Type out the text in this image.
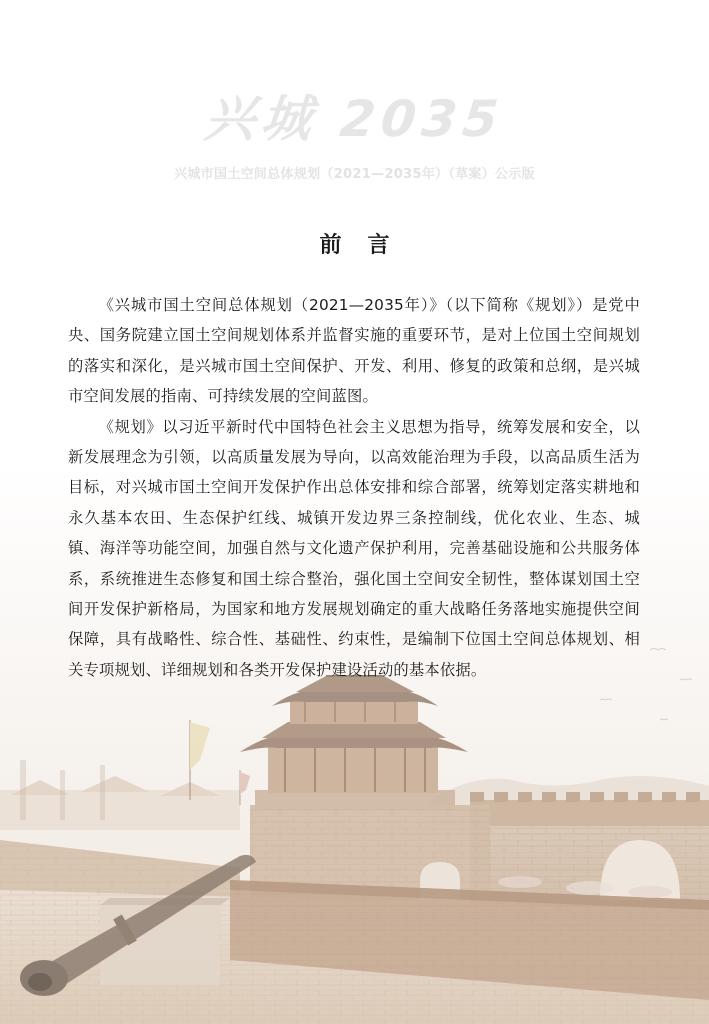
兴城 2035
兴城市国土空间总体规划（2021—2035年）（草案）公示版
前言

《兴城市国土空间总体规划（2021—2035年）》（以下简称《规划》）是党中央、国务院建立国土空间规划体系并监督实施的重要环节，是对上位国土空间规划的落实和深化，是兴城市国土空间保护、开发、利用、修复的政策和总纲，是兴城市空间发展的指南、可持续发展的空间蓝图。

《规划》以习近平新时代中国特色社会主义思想为指导，统筹发展和安全，以新发展理念为引领，以高质量发展为导向，以高效能治理为手段，以高品质生活为目标，对兴城市国土空间开发保护作出总体安排和综合部署，统筹划定落实耕地和永久基本农田、生态保护红线、城镇开发边界三条控制线，优化农业、生态、城镇、海洋等功能空间，加强自然与文化遗产保护利用，完善基础设施和公共服务体系，系统推进生态修复和国土综合整治，强化国土空间安全韧性，整体谋划国土空间开发保护新格局，为国家和地方发展规划确定的重大战略任务落地实施提供空间保障，具有战略性、综合性、基础性、约束性，是编制下位国土空间总体规划、相关专项规划、详细规划和各类开发保护建设活动的基本依据。
